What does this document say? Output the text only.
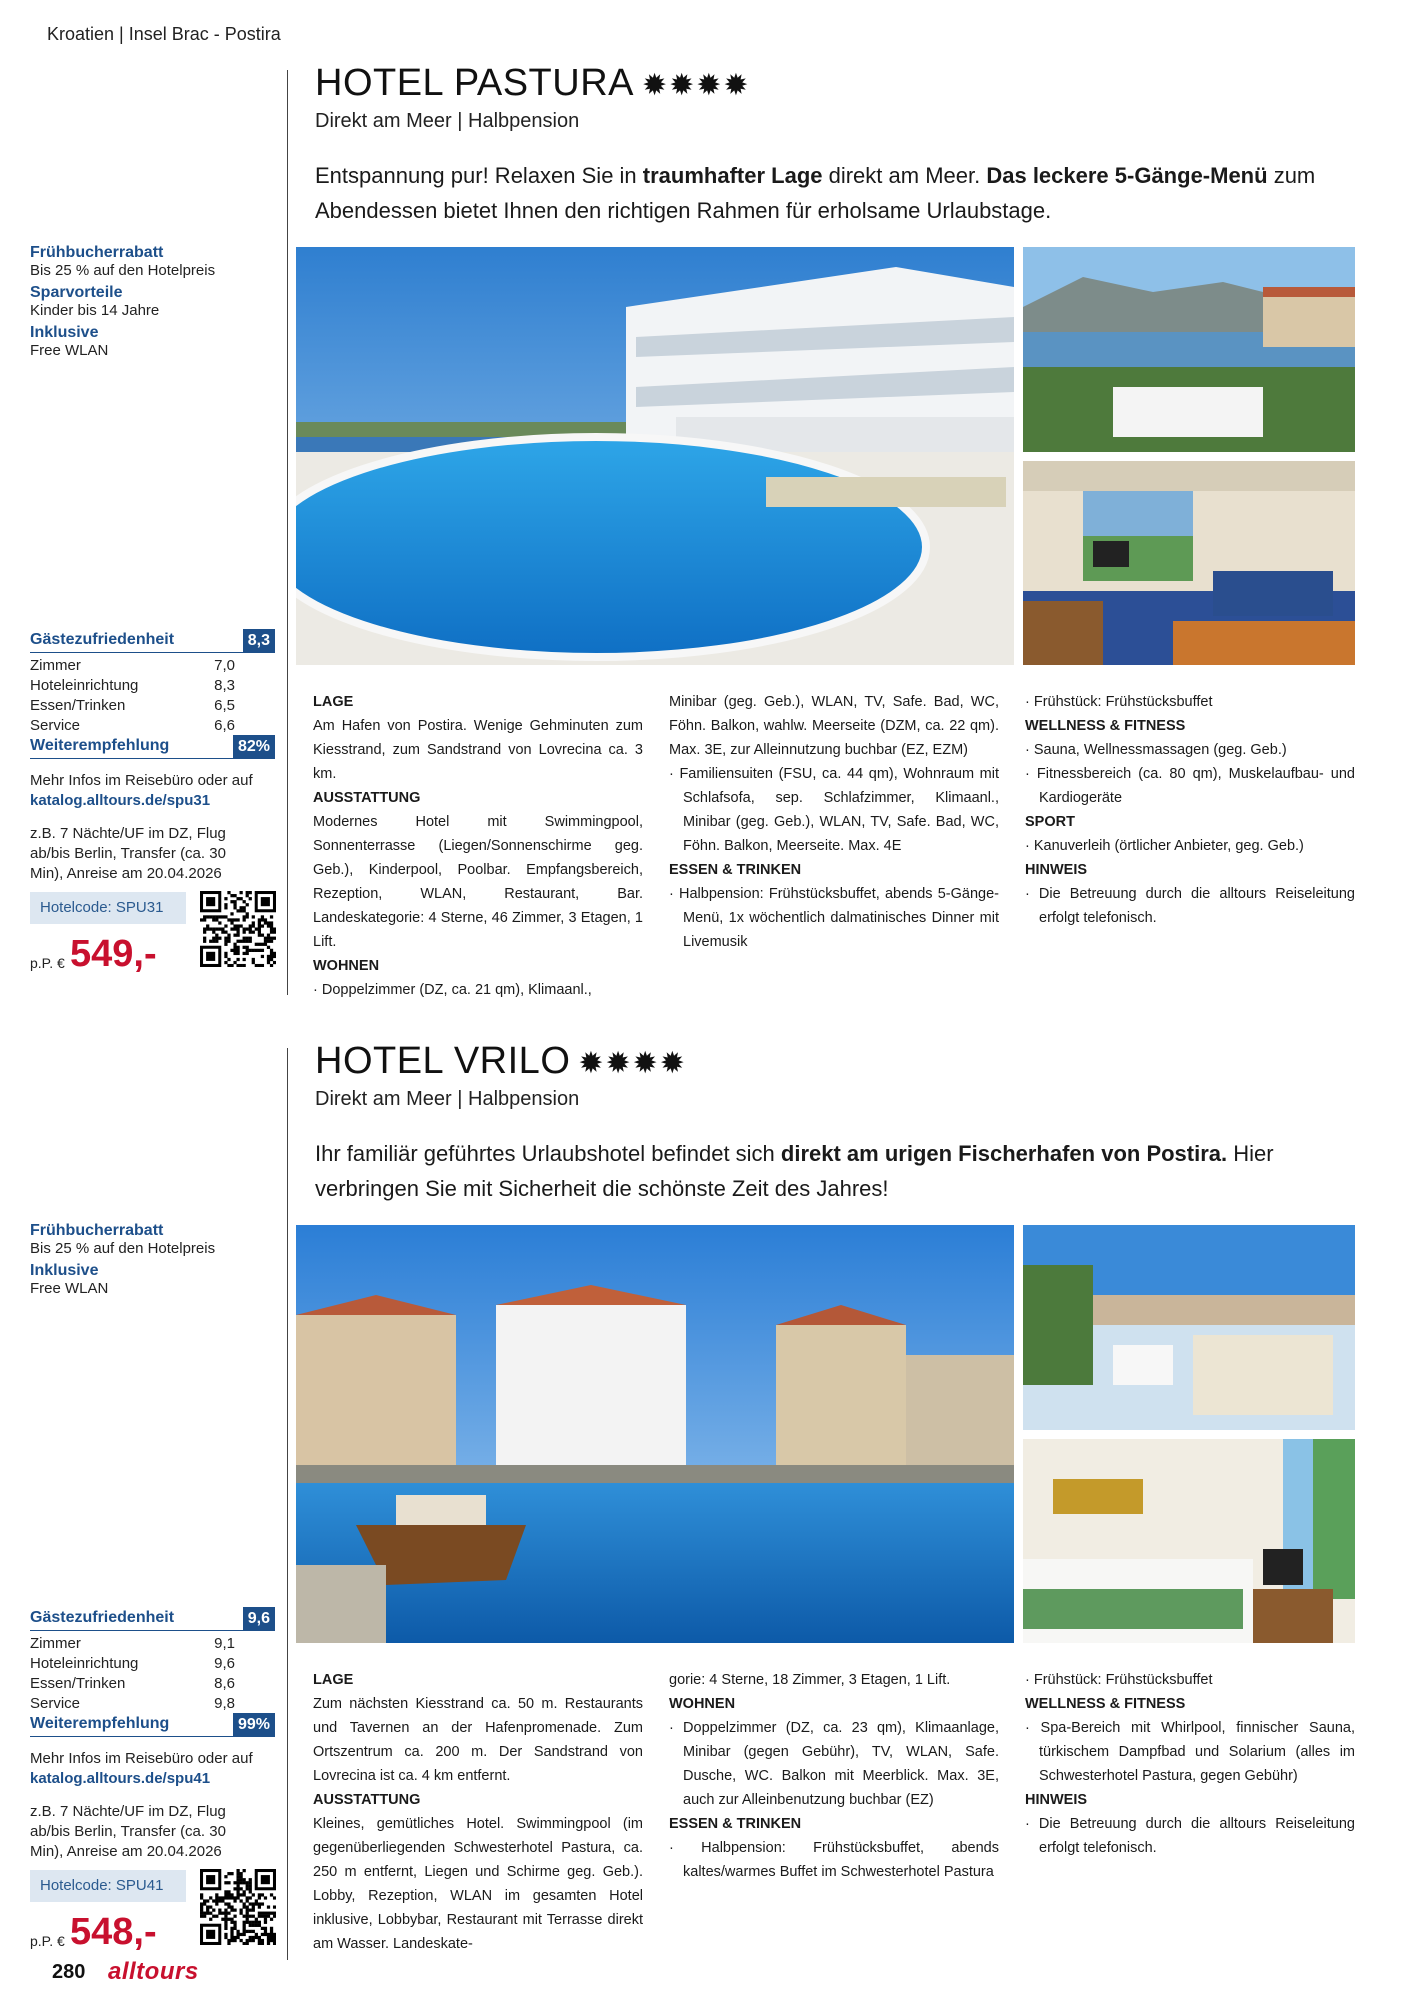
Kroatien | Insel Brac - Postira
HOTEL PASTURA ✹✹✹✹
Direkt am Meer | Halbpension
Entspannung pur! Relaxen Sie in traumhafter Lage direkt am Meer. Das leckere 5-Gänge-Menü zum Abendessen bietet Ihnen den richtigen Rahmen für erholsame Urlaubstage.
Frühbucherrabatt
Bis 25 % auf den Hotelpreis
Sparvorteile
Kinder bis 14 Jahre
Inklusive
Free WLAN
Gästezufriedenheit	8,3
Zimmer	7,0
Hoteleinrichtung	8,3
Essen/Trinken	6,5
Service	6,6
Weiterempfehlung	82%
Mehr Infos im Reisebüro oder auf
katalog.alltours.de/spu31
z.B. 7 Nächte/UF im DZ, Flug ab/bis Berlin, Transfer (ca. 30 Min), Anreise am 20.04.2026
Hotelcode: SPU31
p.P. € 549,-
LAGE
Am Hafen von Postira. Wenige Gehminuten zum Kiesstrand, zum Sandstrand von Lovrecina ca. 3 km.
AUSSTATTUNG
Modernes Hotel mit Swimmingpool, Sonnenterrasse (Liegen/Sonnenschirme geg. Geb.), Kinderpool, Poolbar. Empfangsbereich, Rezeption, WLAN, Restaurant, Bar. Landeskategorie: 4 Sterne, 46 Zimmer, 3 Etagen, 1 Lift.
WOHNEN
· Doppelzimmer (DZ, ca. 21 qm), Klimaanl.,
Minibar (geg. Geb.), WLAN, TV, Safe. Bad, WC, Föhn. Balkon, wahlw. Meerseite (DZM, ca. 22 qm). Max. 3E, zur Alleinnutzung buchbar (EZ, EZM)
· Familiensuiten (FSU, ca. 44 qm), Wohnraum mit Schlafsofa, sep. Schlafzimmer, Klimaanl., Minibar (geg. Geb.), WLAN, TV, Safe. Bad, WC, Föhn. Balkon, Meerseite. Max. 4E
ESSEN & TRINKEN
· Halbpension: Frühstücksbuffet, abends 5-Gänge-Menü, 1x wöchentlich dalmatinisches Dinner mit Livemusik
· Frühstück: Frühstücksbuffet
WELLNESS & FITNESS
· Sauna, Wellnessmassagen (geg. Geb.)
· Fitnessbereich (ca. 80 qm), Muskelaufbau- und Kardiogeräte
SPORT
· Kanuverleih (örtlicher Anbieter, geg. Geb.)
HINWEIS
· Die Betreuung durch die alltours Reiseleitung erfolgt telefonisch.
HOTEL VRILO ✹✹✹✹
Direkt am Meer | Halbpension
Ihr familiär geführtes Urlaubshotel befindet sich direkt am urigen Fischerhafen von Postira. Hier verbringen Sie mit Sicherheit die schönste Zeit des Jahres!
Frühbucherrabatt
Bis 25 % auf den Hotelpreis
Inklusive
Free WLAN
Gästezufriedenheit	9,6
Zimmer	9,1
Hoteleinrichtung	9,6
Essen/Trinken	8,6
Service	9,8
Weiterempfehlung	99%
Mehr Infos im Reisebüro oder auf
katalog.alltours.de/spu41
z.B. 7 Nächte/UF im DZ, Flug ab/bis Berlin, Transfer (ca. 30 Min), Anreise am 20.04.2026
Hotelcode: SPU41
p.P. € 548,-
LAGE
Zum nächsten Kiesstrand ca. 50 m. Restaurants und Tavernen an der Hafenpromenade. Zum Ortszentrum ca. 200 m. Der Sandstrand von Lovrecina ist ca. 4 km entfernt.
AUSSTATTUNG
Kleines, gemütliches Hotel. Swimmingpool (im gegenüberliegenden Schwesterhotel Pastura, ca. 250 m entfernt, Liegen und Schirme geg. Geb.). Lobby, Rezeption, WLAN im gesamten Hotel inklusive, Lobbybar, Restaurant mit Terrasse direkt am Wasser. Landeskate-
gorie: 4 Sterne, 18 Zimmer, 3 Etagen, 1 Lift.
WOHNEN
· Doppelzimmer (DZ, ca. 23 qm), Klimaanlage, Minibar (gegen Gebühr), TV, WLAN, Safe. Dusche, WC. Balkon mit Meerblick. Max. 3E, auch zur Alleinbenutzung buchbar (EZ)
ESSEN & TRINKEN
· Halbpension: Frühstücksbuffet, abends kaltes/warmes Buffet im Schwesterhotel Pastura
· Frühstück: Frühstücksbuffet
WELLNESS & FITNESS
· Spa-Bereich mit Whirlpool, finnischer Sauna, türkischem Dampfbad und Solarium (alles im Schwesterhotel Pastura, gegen Gebühr)
HINWEIS
· Die Betreuung durch die alltours Reiseleitung erfolgt telefonisch.
280 alltours
